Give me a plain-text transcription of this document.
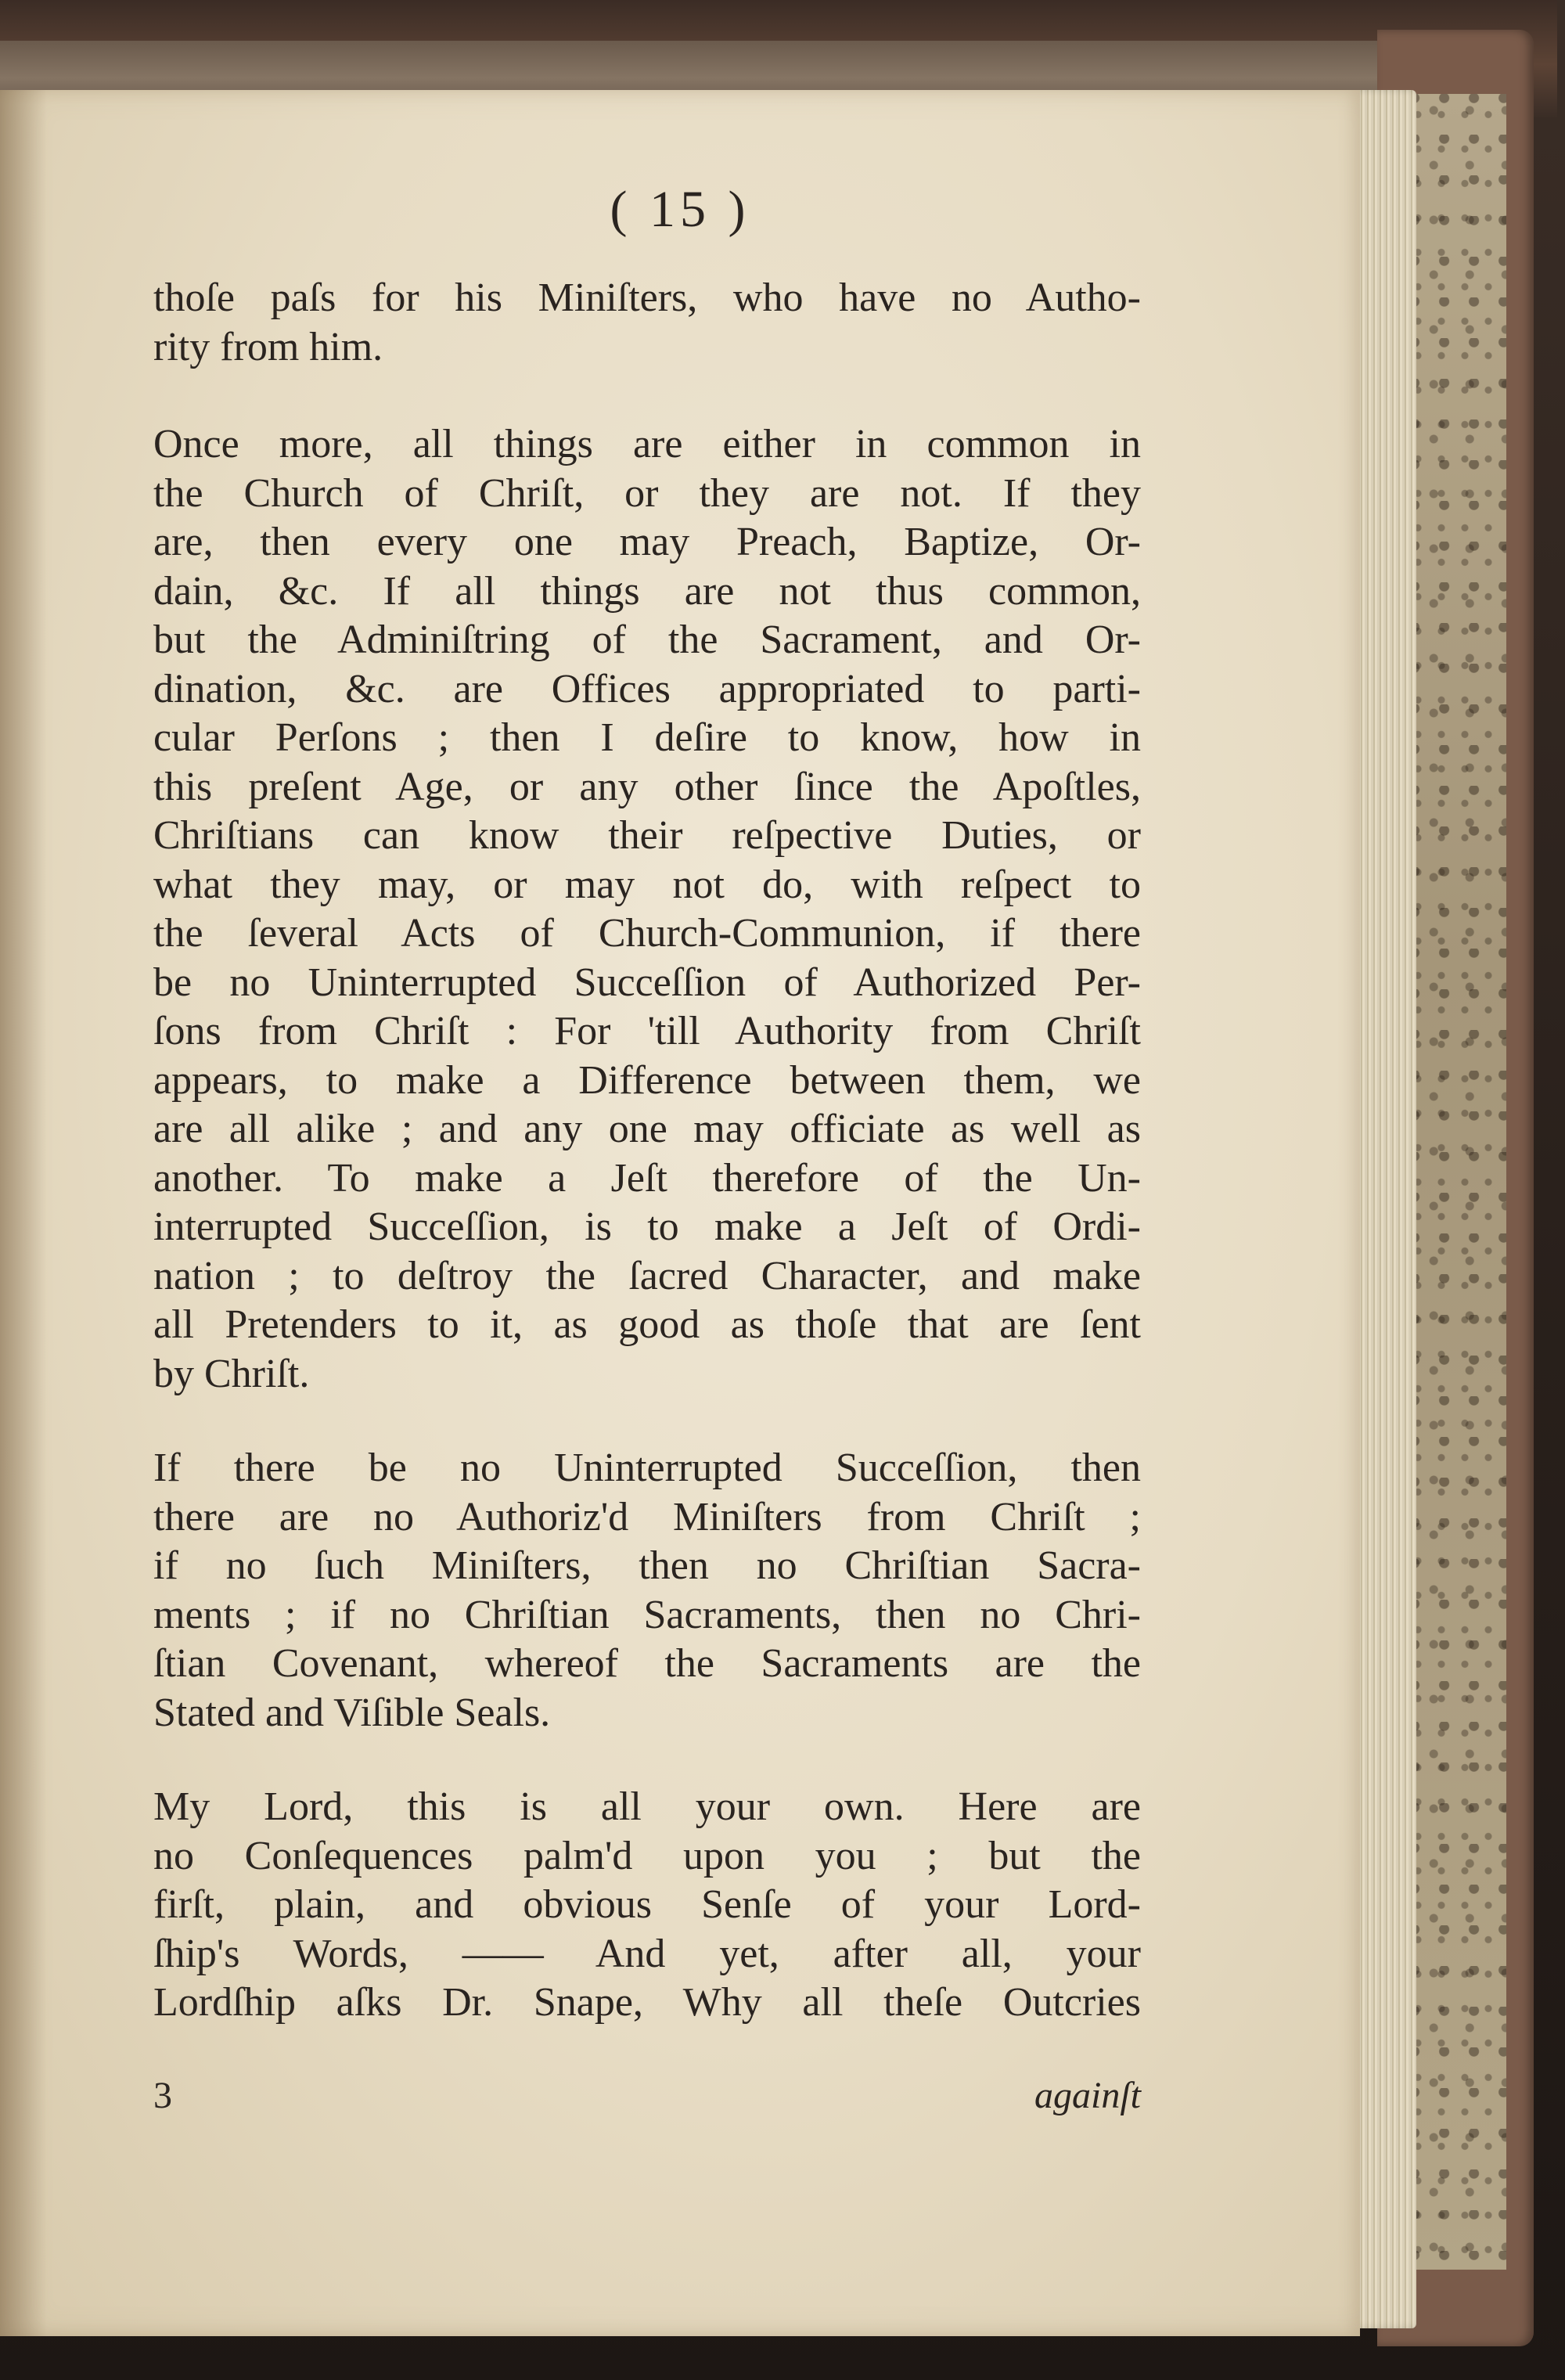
( 15 )

thoſe paſs for his Miniſters, who have no Autho-
rity from him.

Once more, all things are either in common in
the Church of Chriſt, or they are not. If they
are, then every one may Preach, Baptize, Or-
dain, &c. If all things are not thus common,
but the Adminiſtring of the Sacrament, and Or-
dination, &c. are Offices appropriated to parti-
cular Perſons ; then I deſire to know, how in
this preſent Age, or any other ſince the Apoſtles,
Chriſtians can know their reſpective Duties, or
what they may, or may not do, with reſpect to
the ſeveral Acts of Church-Communion, if there
be no Uninterrupted Succeſſion of Authorized Per-
ſons from Chriſt : For 'till Authority from Chriſt
appears, to make a Difference between them, we
are all alike ; and any one may officiate as well as
another. To make a Jeſt therefore of the Un-
interrupted Succeſſion, is to make a Jeſt of Ordi-
nation ; to deſtroy the ſacred Character, and make
all Pretenders to it, as good as thoſe that are ſent
by Chriſt.

If there be no Uninterrupted Succeſſion, then
there are no Authoriz'd Miniſters from Chriſt ;
if no ſuch Miniſters, then no Chriſtian Sacra-
ments ; if no Chriſtian Sacraments, then no Chri-
ſtian Covenant, whereof the Sacraments are the
Stated and Viſible Seals.

My Lord, this is all your own. Here are
no Conſequences palm'd upon you ; but the
firſt, plain, and obvious Senſe of your Lord-
ſhip's Words, —— And yet, after all, your
Lordſhip aſks Dr. Snape, Why all theſe Outcries

3	againſt
